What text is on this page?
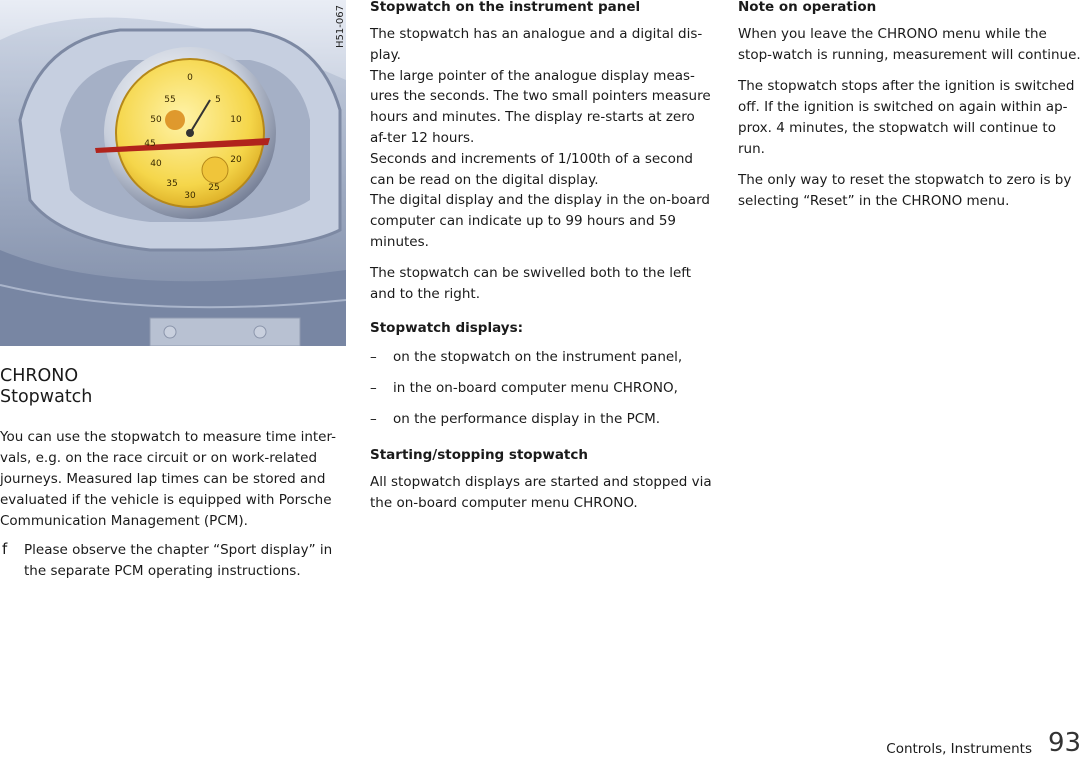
0
5
10
20
25
30
35
40
45
50
55
H51-067
CHRONO
Stopwatch

You can use the stopwatch to measure time inter-vals, e.g. on the race circuit or on work-related journeys. Measured lap times can be stored and evaluated if the vehicle is equipped with Porsche Communication Management (PCM).

f Please observe the chapter “Sport display” in the separate PCM operating instructions.
Stopwatch on the instrument panel

The stopwatch has an analogue and a digital dis-play.

The large pointer of the analogue display meas-ures the seconds. The two small pointers measure hours and minutes. The display re-starts at zero af-ter 12 hours.

Seconds and increments of 1/100th of a second can be read on the digital display.

The digital display and the display in the on-board computer can indicate up to 99 hours and 59 minutes.

The stopwatch can be swivelled both to the left and to the right.

Stopwatch displays:
– on the stopwatch on the instrument panel,
– in the on-board computer menu CHRONO,
– on the performance display in the PCM.
Starting/stopping stopwatch

All stopwatch displays are started and stopped via the on-board computer menu CHRONO.

Note on operation

When you leave the CHRONO menu while the stop-watch is running, measurement will continue.

The stopwatch stops after the ignition is switched off. If the ignition is switched on again within ap-prox. 4 minutes, the stopwatch will continue to run.

The only way to reset the stopwatch to zero is by selecting “Reset” in the CHRONO menu.

Controls, Instruments 93
